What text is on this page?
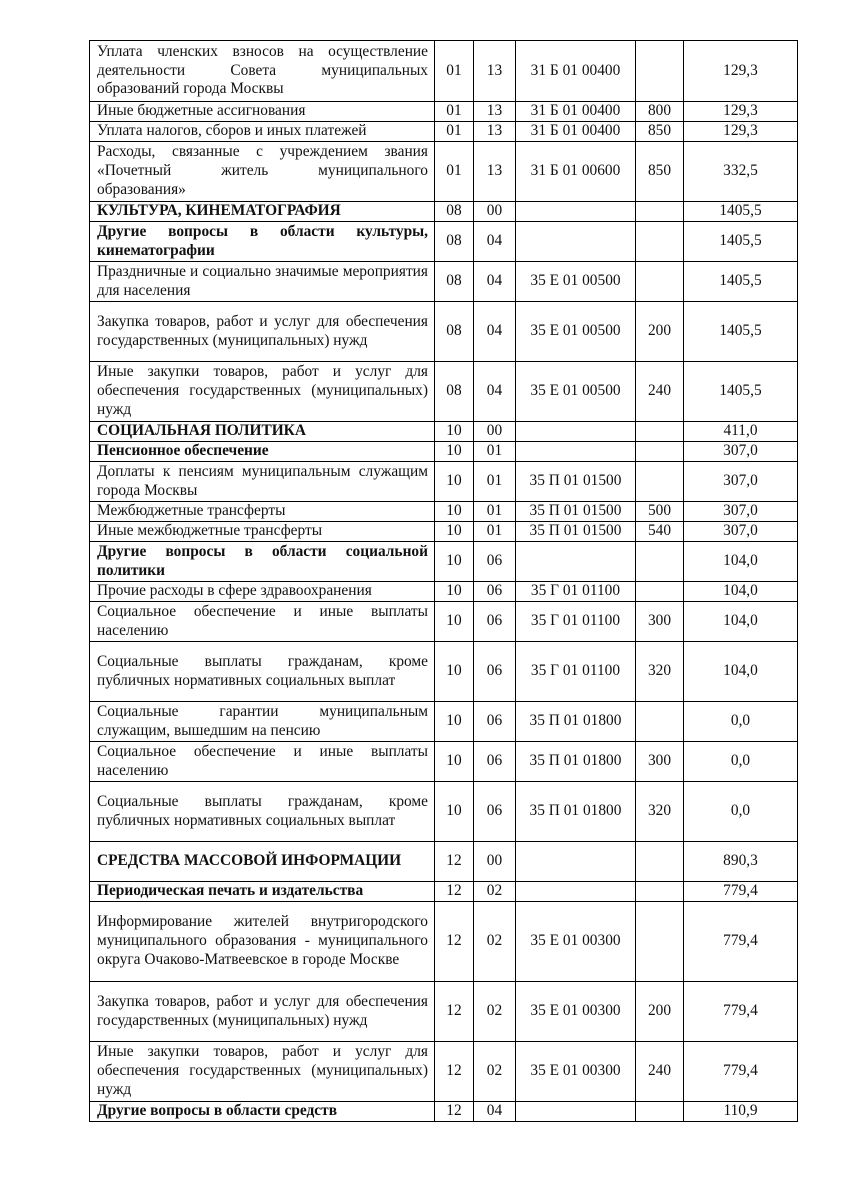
Уплата членских взносов на осуществление деятельности Совета муниципальных образований города Москвы	01	13	31 Б 01 00400		129,3
Иные бюджетные ассигнования	01	13	31 Б 01 00400	800	129,3
Уплата налогов, сборов и иных платежей	01	13	31 Б 01 00400	850	129,3
Расходы, связанные с учреждением звания «Почетный житель муниципального образования»	01	13	31 Б 01 00600	850	332,5
КУЛЬТУРА, КИНЕМАТОГРАФИЯ	08	00			1405,5
Другие вопросы в области культуры, кинематографии	08	04			1405,5
Праздничные и социально значимые мероприятия для населения	08	04	35 Е 01 00500		1405,5
Закупка товаров, работ и услуг для обеспечения государственных (муниципальных) нужд	08	04	35 Е 01 00500	200	1405,5
Иные закупки товаров, работ и услуг для обеспечения государственных (муниципальных) нужд	08	04	35 Е 01 00500	240	1405,5
СОЦИАЛЬНАЯ ПОЛИТИКА	10	00			411,0
Пенсионное обеспечение	10	01			307,0
Доплаты к пенсиям муниципальным служащим города Москвы	10	01	35 П 01 01500		307,0
Межбюджетные трансферты	10	01	35 П 01 01500	500	307,0
Иные межбюджетные трансферты	10	01	35 П 01 01500	540	307,0
Другие вопросы в области социальной политики	10	06			104,0
Прочие расходы в сфере здравоохранения	10	06	35 Г 01 01100		104,0
Социальное обеспечение и иные выплаты населению	10	06	35 Г 01 01100	300	104,0
Социальные выплаты гражданам, кроме публичных нормативных социальных выплат	10	06	35 Г 01 01100	320	104,0
Социальные гарантии муниципальным служащим, вышедшим на пенсию	10	06	35 П 01 01800		0,0
Социальное обеспечение и иные выплаты населению	10	06	35 П 01 01800	300	0,0
Социальные выплаты гражданам, кроме публичных нормативных социальных выплат	10	06	35 П 01 01800	320	0,0
СРЕДСТВА МАССОВОЙ ИНФОРМАЦИИ	12	00			890,3
Периодическая печать и издательства	12	02			779,4
Информирование жителей внутригородского муниципального образования - муниципального округа Очаково-Матвеевское в городе Москве	12	02	35 Е 01 00300		779,4
Закупка товаров, работ и услуг для обеспечения государственных (муниципальных) нужд	12	02	35 Е 01 00300	200	779,4
Иные закупки товаров, работ и услуг для обеспечения государственных (муниципальных) нужд	12	02	35 Е 01 00300	240	779,4
Другие вопросы в области средств	12	04			110,9
